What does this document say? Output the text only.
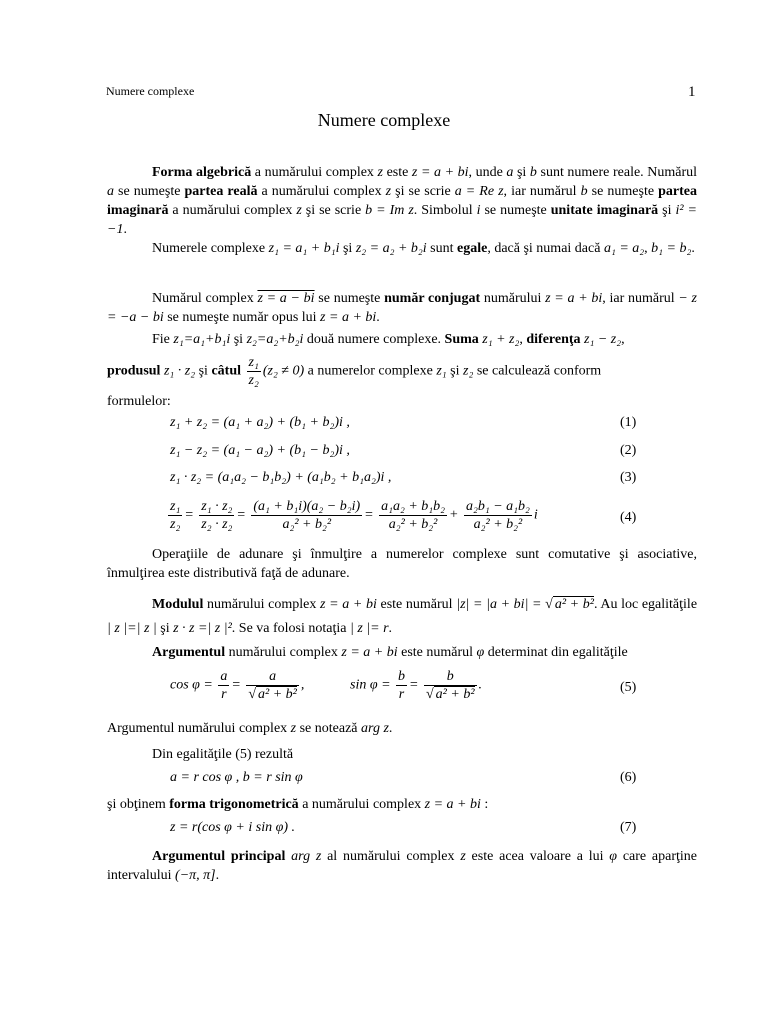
Numere complexe	1
Numere complexe
Forma algebrică a numărului complex z este z = a + bi, unde a şi b sunt numere reale. Numărul a se numeşte partea reală a numărului complex z şi se scrie a = Re z, iar numărul b se numeşte partea imaginară a numărului complex z şi se scrie b = Im z. Simbolul i se numeşte unitate imaginară şi i² = −1.
Numerele complexe z₁ = a₁ + b₁i şi z₂ = a₂ + b₂i sunt egale, dacă şi numai dacă a₁ = a₂, b₁ = b₂.
Numărul complex z = a − bi se numeşte număr conjugat numărului z = a + bi, iar numărul − z = −a − bi se numeşte număr opus lui z = a + bi.
Fie z₁=a₁+b₁i şi z₂=a₂+b₂i două numere complexe. Suma z₁ + z₂, diferenţa z₁ − z₂,
produsul z₁ · z₂ şi câtul $\frac{\text{z₁}}{\text{z₂}} (z_2 \ne 0)$ a numerelor complexe z₁ şi z₂ se calculează conform
formulelor:
z₁ + z₂ = (a₁ + a₂) + (b₁ + b₂)i ,	(1)
z₁ − z₂ = (a₁ − a₂) + (b₁ − b₂)i ,	(2)
z₁ · z₂ = (a₁a₂ − b₁b₂) + (a₁b₂ + b₁a₂)i ,	(3)
$\frac{\text{z₁}}{\text{z₂}} = \frac{\text{z₁ · z₂}}{\text{z₂ · z₂}} = \frac{\text{(a₁ + b₁i)(a₂ − b₂i)}}{\text{a₂² + b₂²}} = \frac{\text{a₁a₂ + b₁b₂}}{\text{a₂² + b₂²}} + \frac{\text{a₂b₁ − a₁b₂}}{\text{a₂² + b₂²}}$ i	(4)
Operaţiile de adunare şi înmulţire a numerelor complexe sunt comutative şi asociative, înmulţirea este distributivă faţă de adunare.
Modulul numărului complex z = a + bi este numărul |z| = |a + bi| = √ a² + b². Au loc egalităţile | z |=| z | şi z · z =| z |². Se va folosi notaţia | z |= r.
Argumentul numărului complex z = a + bi este numărul φ determinat din egalităţile
$\cos \varphi = \frac{a}{r} = \frac{a}{\text{√ a² + b²}}$ ,	$\sin \varphi = \frac{b}{r} = \frac{b}{\text{√ a² + b²}}$ .	(5)
Argumentul numărului complex z se notează arg z.
Din egalităţile (5) rezultă
a = r cos φ , b = r sin φ	(6)
şi obţinem forma trigonometrică a numărului complex z = a + bi :
z = r(cos φ + i sin φ) .	(7)
Argumentul principal arg z al numărului complex z este acea valoare a lui φ care aparţine intervalului (−π, π].
